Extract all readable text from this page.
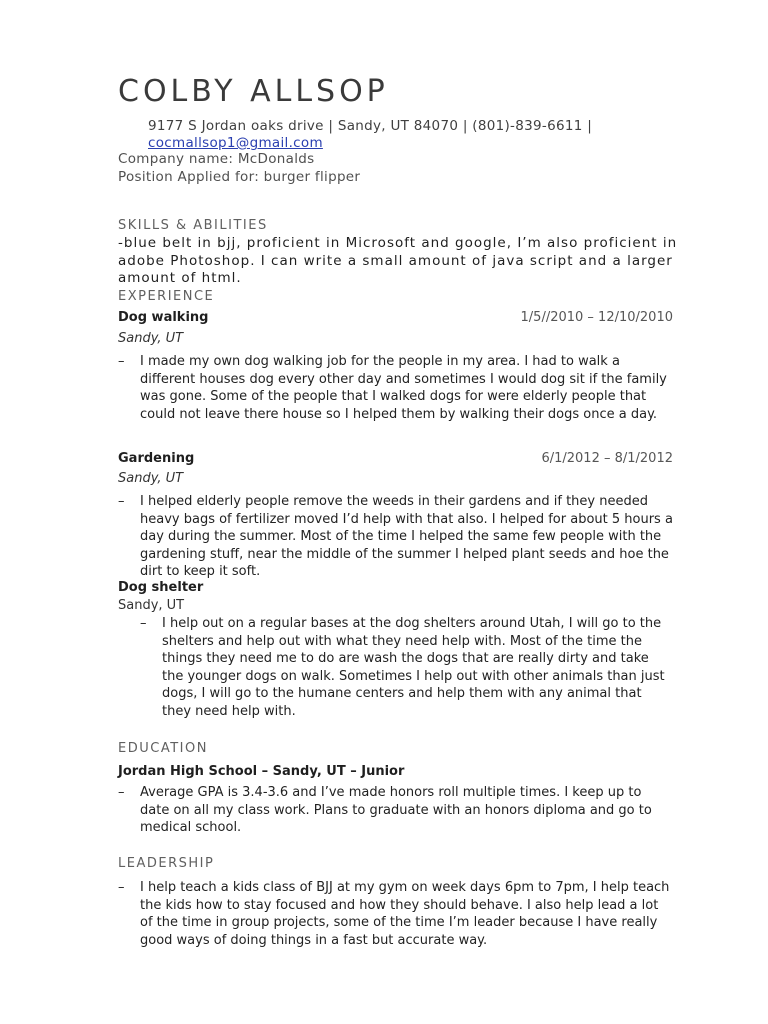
COLBY ALLSOP
9177 S Jordan oaks drive | Sandy, UT 84070 | (801)-839-6611 |
cocmallsop1@gmail.com
Company name: McDonalds
Position Applied for: burger flipper
SKILLS & ABILITIES
-blue belt in bjj, proficient in Microsoft and google, I’m also proficient in adobe Photoshop. I can write a small amount of java script and a larger amount of html.
EXPERIENCE
Dog walking	1/5//2010 – 12/10/2010
Sandy, UT
–	I made my own dog walking job for the people in my area. I had to walk a different houses dog every other day and sometimes I would dog sit if the family was gone. Some of the people that I walked dogs for were elderly people that could not leave there house so I helped them by walking their dogs once a day.
Gardening	6/1/2012 – 8/1/2012
Sandy, UT
–	I helped elderly people remove the weeds in their gardens and if they needed heavy bags of fertilizer moved I’d help with that also. I helped for about 5 hours a day during the summer. Most of the time I helped the same few people with the gardening stuff, near the middle of the summer I helped plant seeds and hoe the dirt to keep it soft.
Dog shelter
Sandy, UT
–	I help out on a regular bases at the dog shelters around Utah, I will go to the shelters and help out with what they need help with. Most of the time the things they need me to do are wash the dogs that are really dirty and take the younger dogs on walk. Sometimes I help out with other animals than just dogs, I will go to the humane centers and help them with any animal that they need help with.
EDUCATION
Jordan High School – Sandy, UT – Junior
–	Average GPA is 3.4-3.6 and I’ve made honors roll multiple times. I keep up to date on all my class work. Plans to graduate with an honors diploma and go to medical school.
LEADERSHIP
–	I help teach a kids class of BJJ at my gym on week days 6pm to 7pm, I help teach the kids how to stay focused and how they should behave. I also help lead a lot of the time in group projects, some of the time I’m leader because I have really good ways of doing things in a fast but accurate way.
